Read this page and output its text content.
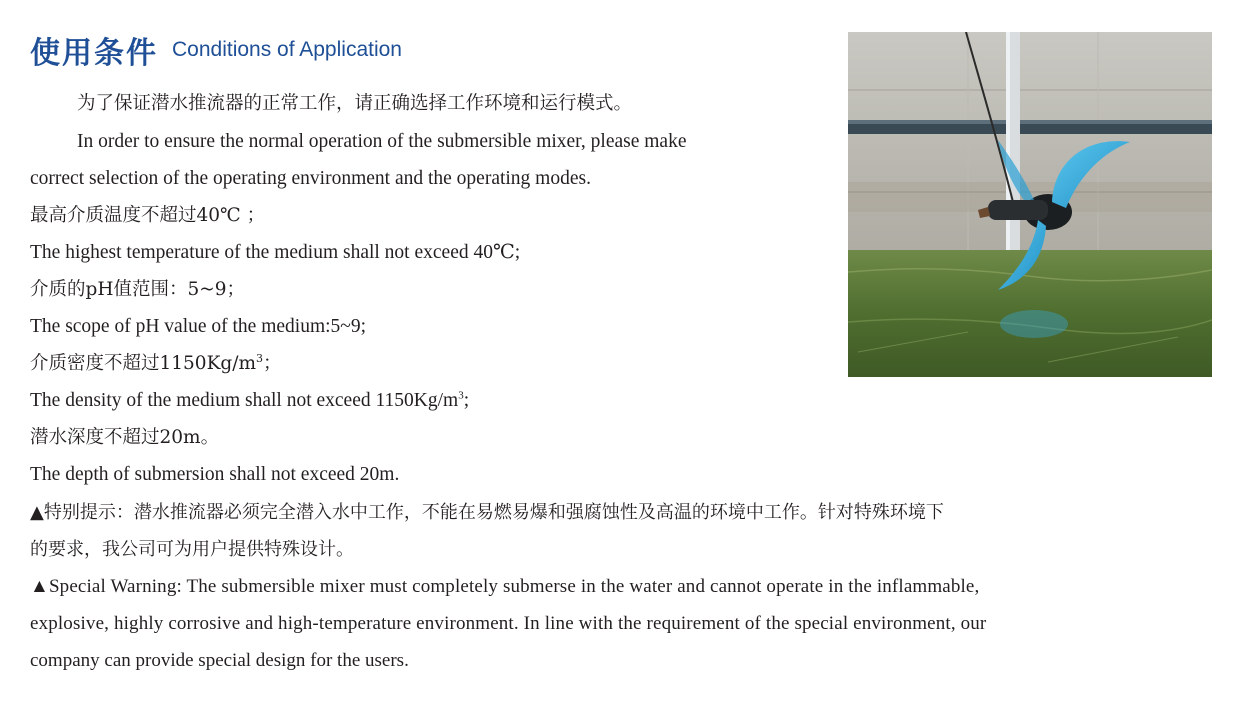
使用条件 Conditions of Application
为了保证潜水推流器的正常工作，请正确选择工作环境和运行模式。
In order to ensure the normal operation of the submersible mixer, please make
correct selection of the operating environment and the operating modes.
最高介质温度不超过40℃ ；
The highest temperature of the medium shall not exceed 40℃;
介质的pH值范围：5~9；
The scope of pH value of the medium:5~9;
介质密度不超过$1150Kg/m^3$；
The density of the medium shall not exceed $1150Kg/m^3$;
潜水深度不超过20m。
The depth of submersion shall not exceed 20m.
▲特别提示：潜水推流器必须完全潜入水中工作，不能在易燃易爆和强腐蚀性及高温的环境中工作。针对特殊环境下
的要求，我公司可为用户提供特殊设计。
▲Special Warning: The submersible mixer must completely submerse in the water and cannot operate in the inflammable,
explosive, highly corrosive and high-temperature environment. In line with the requirement of the special environment, our
company can provide special design for the users.
